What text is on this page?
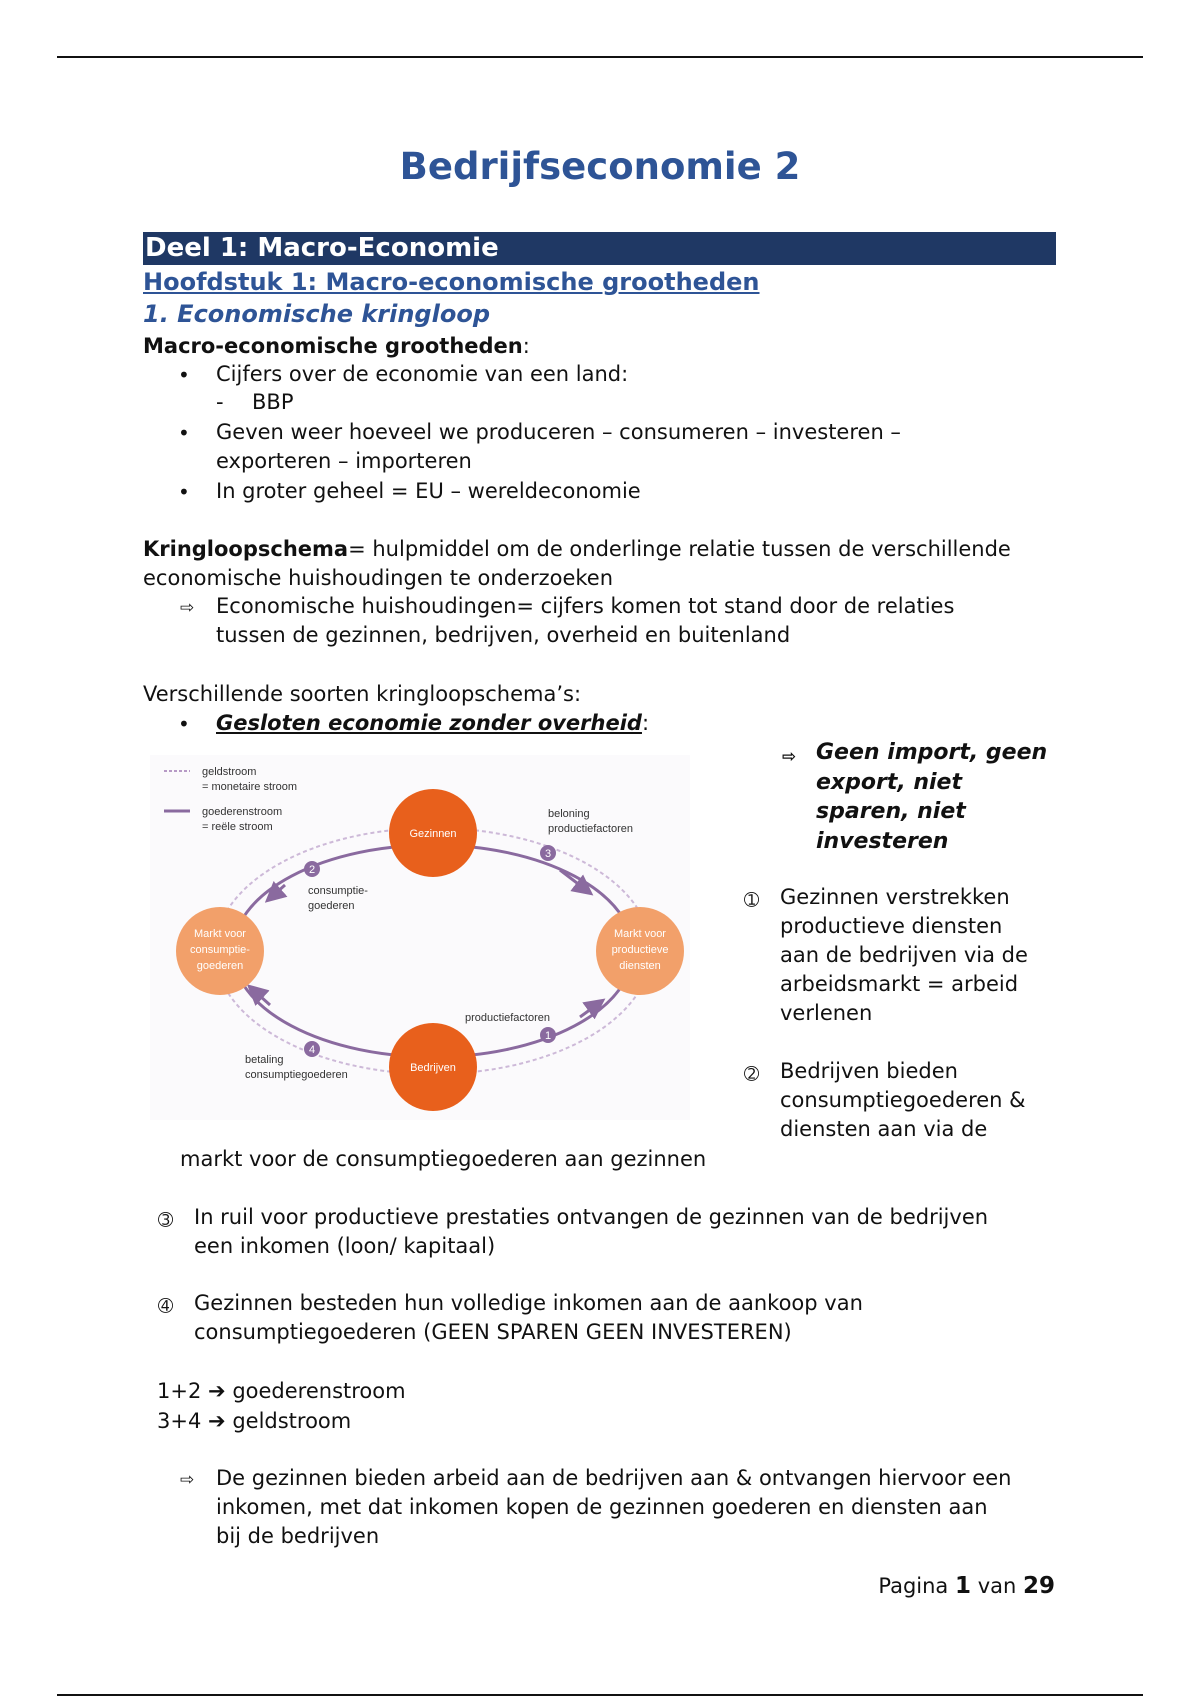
Bedrijfseconomie 2
Deel 1: Macro-Economie
Hoofdstuk 1: Macro-economische grootheden
1. Economische kringloop
Macro-economische grootheden:
• Cijfers over de economie van een land:
- BBP
• Geven weer hoeveel we produceren – consumeren – investeren –
exporteren – importeren
• In groter geheel = EU – wereldeconomie
Kringloopschema= hulpmiddel om de onderlinge relatie tussen de verschillende
economische huishoudingen te onderzoeken
⇨ Economische huishoudingen= cijfers komen tot stand door de relaties
tussen de gezinnen, bedrijven, overheid en buitenland
Verschillende soorten kringloopschema’s:
• Gesloten economie zonder overheid:
geldstroom
= monetaire stroom
goederenstroom
= reële stroom
Gezinnen
Bedrijven
Markt voor
consumptie-
goederen
Markt voor
productieve
diensten
beloning
productiefactoren
consumptie-
goederen
productiefactoren
betaling
consumptiegoederen
2
3
4
1
⇨ Geen import, geen
export, niet
sparen, niet
investeren
➀ Gezinnen verstrekken
productieve diensten
aan de bedrijven via de
arbeidsmarkt = arbeid
verlenen
➁ Bedrijven bieden
consumptiegoederen &
diensten aan via de
markt voor de consumptiegoederen aan gezinnen
➂ In ruil voor productieve prestaties ontvangen de gezinnen van de bedrijven
een inkomen (loon/ kapitaal)
➃ Gezinnen besteden hun volledige inkomen aan de aankoop van
consumptiegoederen (GEEN SPAREN GEEN INVESTEREN)
1+2 ➔ goederenstroom
3+4 ➔ geldstroom
⇨ De gezinnen bieden arbeid aan de bedrijven aan & ontvangen hiervoor een
inkomen, met dat inkomen kopen de gezinnen goederen en diensten aan
bij de bedrijven
Pagina 1 van 29
